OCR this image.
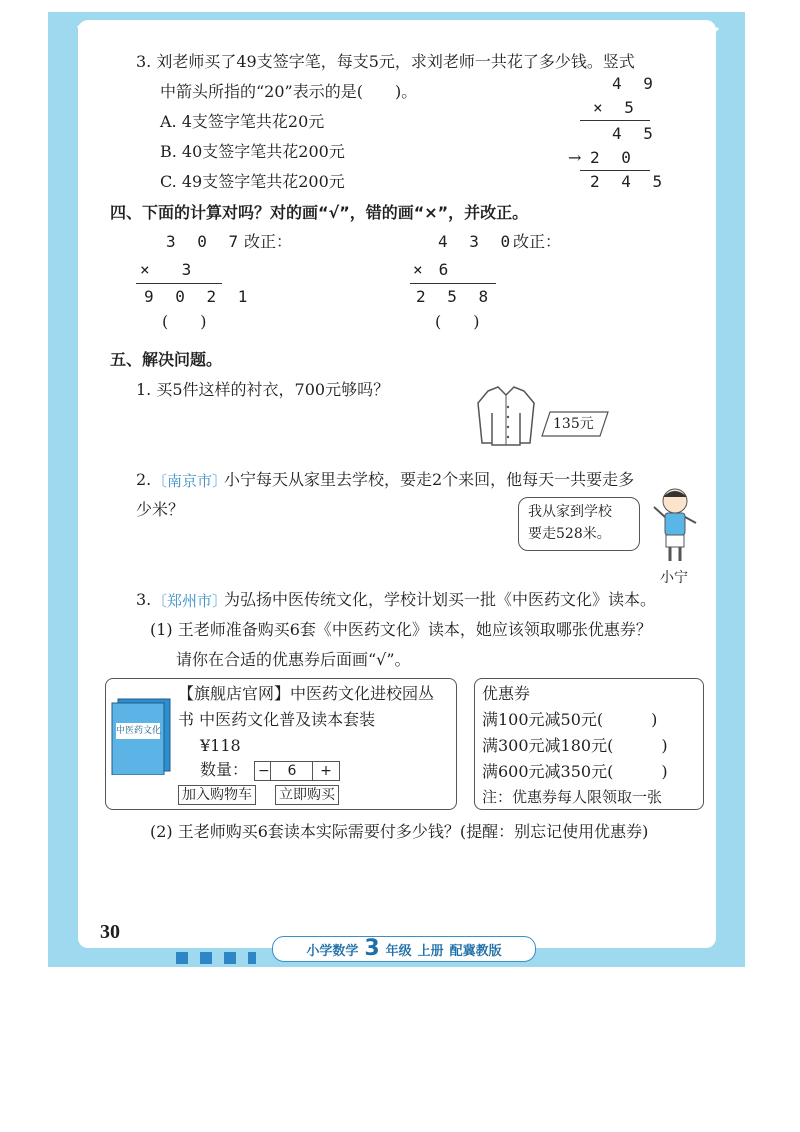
3. 刘老师买了49支签字笔，每支5元，求刘老师一共花了多少钱。竖式
中箭头所指的“20”表示的是(　　)。
A. 4支签字笔共花20元
B. 40支签字笔共花200元
C. 49支签字笔共花200元
4 9
× 5
4 5
→ 2 0
2 4 5
四、下面的计算对吗？对的画“√”，错的画“×”，并改正。
3 0 7 改正：
×　　3
9 0 2 1
(　　)
4 3 0
改正：
×　6
2 5 8
(　　)
五、解决问题。
1. 买5件这样的衬衣，700元够吗？
135元
2. 〔南京市〕
小宁每天从家里去学校，要走2个来回，他每天一共要走多
少米？	我从家到学校
要走528米。
小宁
3. 〔郑州市〕
为弘扬中医传统文化，学校计划买一批《中医药文化》读本。
(1) 王老师准备购买6套《中医药文化》读本，她应该领取哪张优惠券？
请你在合适的优惠券后面画“√”。
中医药文化
【旗舰店官网】中医药文化进校园丛
书 中医药文化普及读本套装
¥118
数量： −	6	+
加入购物车 立即购买
优惠券
满100元减50元(　　　)
满300元减180元(　　　)
满600元减350元(　　　)
注：优惠券每人限领取一张
(2) 王老师购买6套读本实际需要付多少钱？(提醒：别忘记使用优惠券)
30
小学数学 3 年级 上册 配冀教版
